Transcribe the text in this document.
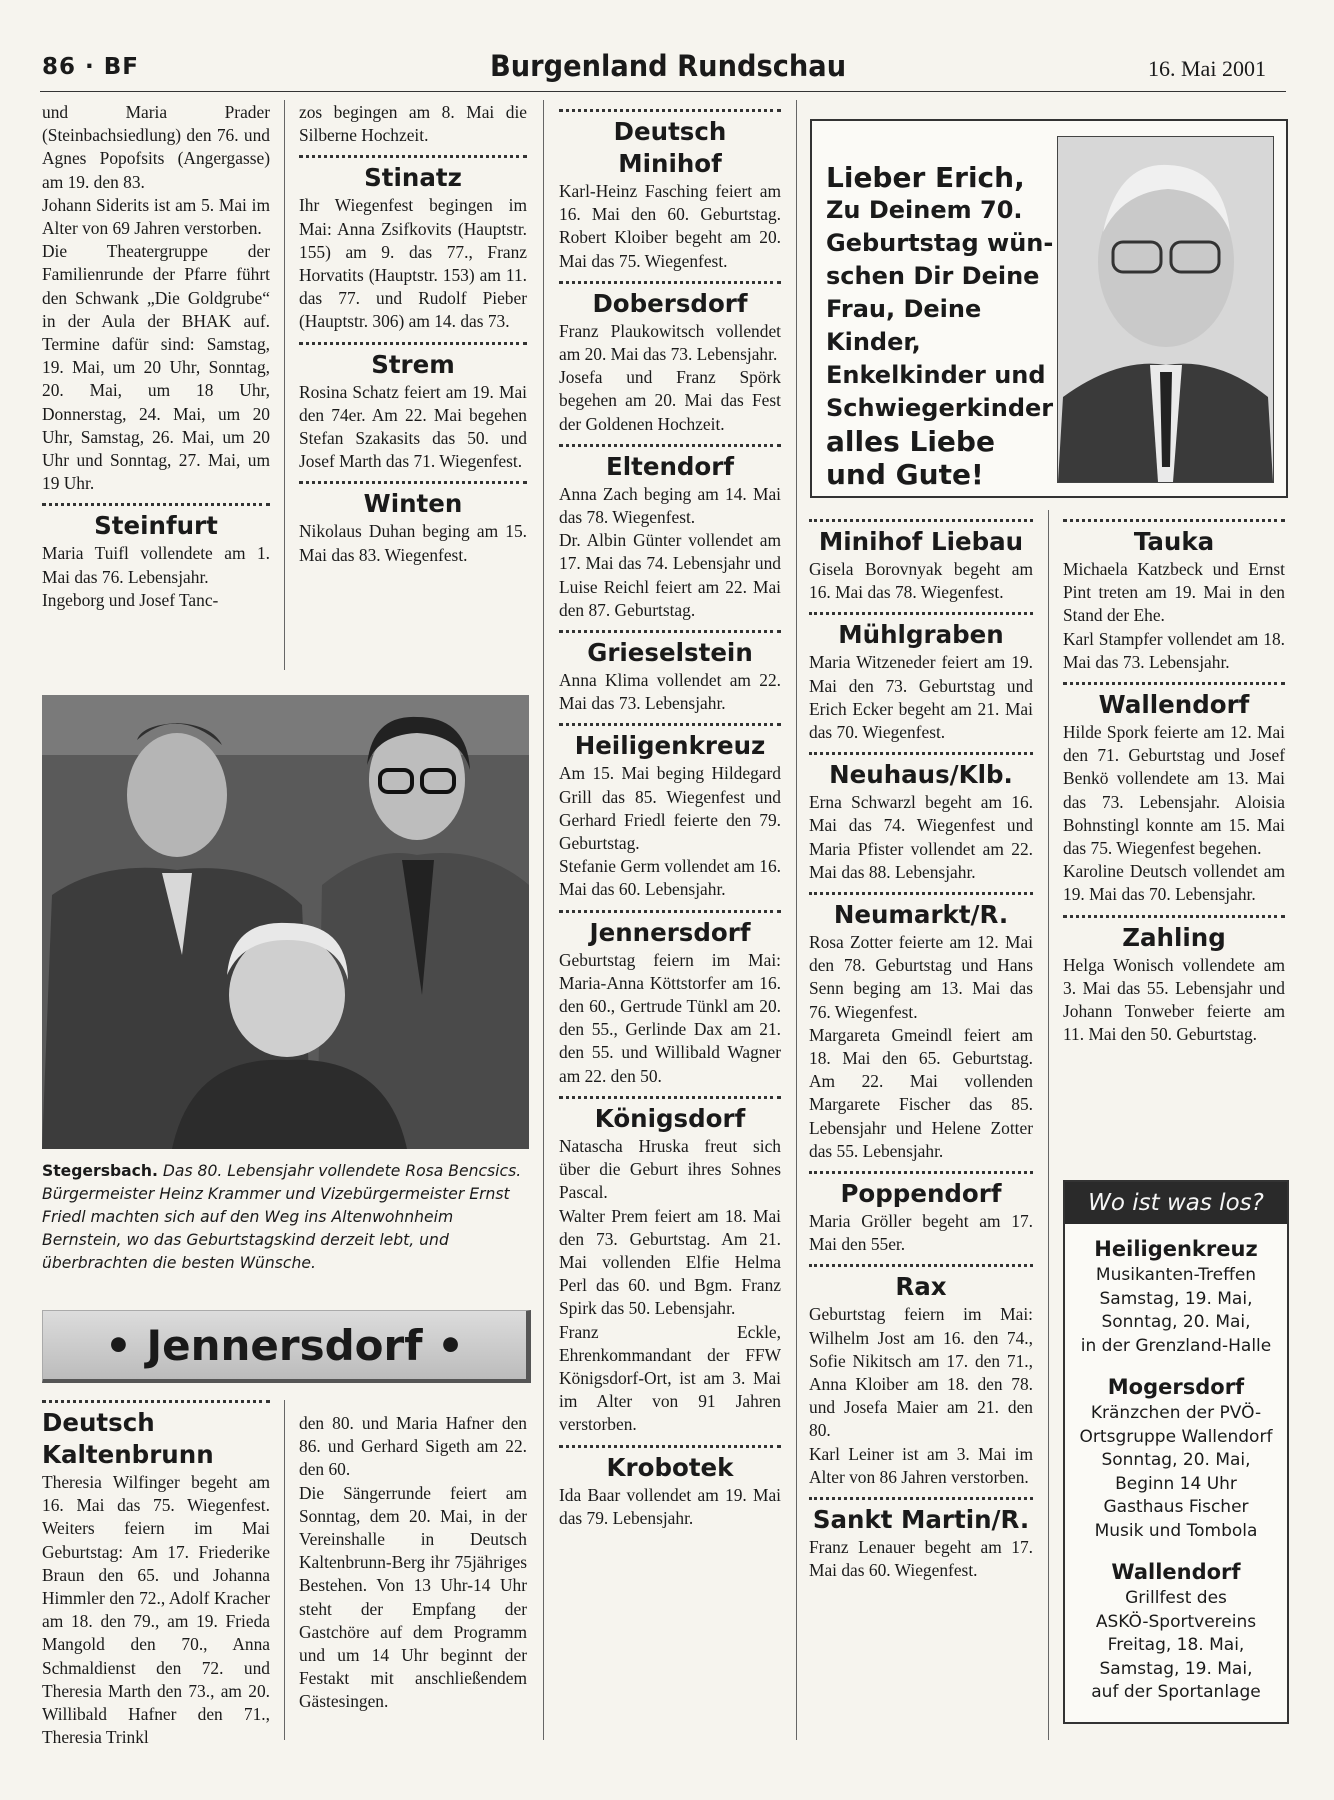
86 · BF	Burgenland Rundschau	16. Mai 2001

und Maria Prader (Steinbachsiedlung) den 76. und Agnes Popofsits (Angergasse) am 19. den 83.

Johann Siderits ist am 5. Mai im Alter von 69 Jahren verstorben.

Die Theatergruppe der Familienrunde der Pfarre führt den Schwank „Die Goldgrube“ in der Aula der BHAK auf. Termine dafür sind: Samstag, 19. Mai, um 20 Uhr, Sonntag, 20. Mai, um 18 Uhr, Donnerstag, 24. Mai, um 20 Uhr, Samstag, 26. Mai, um 20 Uhr und Sonntag, 27. Mai, um 19 Uhr.

Steinfurt

Maria Tuifl vollendete am 1. Mai das 76. Lebensjahr.

Ingeborg und Josef Tanc-

zos begingen am 8. Mai die Silberne Hochzeit.

Stinatz

Ihr Wiegenfest begingen im Mai: Anna Zsifkovits (Hauptstr. 155) am 9. das 77., Franz Horvatits (Hauptstr. 153) am 11. das 77. und Rudolf Pieber (Hauptstr. 306) am 14. das 73.

Strem

Rosina Schatz feiert am 19. Mai den 74er. Am 22. Mai begehen Stefan Szakasits das 50. und Josef Marth das 71. Wiegenfest.

Winten

Nikolaus Duhan beging am 15. Mai das 83. Wiegenfest.

Deutsch Minihof

Karl-Heinz Fasching feiert am 16. Mai den 60. Geburtstag. Robert Kloiber begeht am 20. Mai das 75. Wiegenfest.

Dobersdorf

Franz Plaukowitsch vollendet am 20. Mai das 73. Lebensjahr.

Josefa und Franz Spörk begehen am 20. Mai das Fest der Goldenen Hochzeit.

Eltendorf

Anna Zach beging am 14. Mai das 78. Wiegenfest.

Dr. Albin Günter vollendet am 17. Mai das 74. Lebensjahr und Luise Reichl feiert am 22. Mai den 87. Geburtstag.

Grieselstein

Anna Klima vollendet am 22. Mai das 73. Lebensjahr.

Heiligenkreuz

Am 15. Mai beging Hildegard Grill das 85. Wiegenfest und Gerhard Friedl feierte den 79. Geburtstag.

Stefanie Germ vollendet am 16. Mai das 60. Lebensjahr.

Jennersdorf

Geburtstag feiern im Mai: Maria-Anna Köttstorfer am 16. den 60., Gertrude Tünkl am 20. den 55., Gerlinde Dax am 21. den 55. und Willibald Wagner am 22. den 50.

Königsdorf

Natascha Hruska freut sich über die Geburt ihres Sohnes Pascal.

Walter Prem feiert am 18. Mai den 73. Geburtstag. Am 21. Mai vollenden Elfie Helma Perl das 60. und Bgm. Franz Spirk das 50. Lebensjahr.

Franz Eckle, Ehrenkommandant der FFW Königsdorf-Ort, ist am 3. Mai im Alter von 91 Jahren verstorben.

Krobotek

Ida Baar vollendet am 19. Mai das 79. Lebensjahr.

Minihof Liebau

Gisela Borovnyak begeht am 16. Mai das 78. Wiegenfest.

Mühlgraben

Maria Witzeneder feiert am 19. Mai den 73. Geburtstag und Erich Ecker begeht am 21. Mai das 70. Wiegenfest.

Neuhaus/Klb.

Erna Schwarzl begeht am 16. Mai das 74. Wiegenfest und Maria Pfister vollendet am 22. Mai das 88. Lebensjahr.

Neumarkt/R.

Rosa Zotter feierte am 12. Mai den 78. Geburtstag und Hans Senn beging am 13. Mai das 76. Wiegenfest.

Margareta Gmeindl feiert am 18. Mai den 65. Geburtstag. Am 22. Mai vollenden Margarete Fischer das 85. Lebensjahr und Helene Zotter das 55. Lebensjahr.

Poppendorf

Maria Gröller begeht am 17. Mai den 55er.

Rax

Geburtstag feiern im Mai: Wilhelm Jost am 16. den 74., Sofie Nikitsch am 17. den 71., Anna Kloiber am 18. den 78. und Josefa Maier am 21. den 80.

Karl Leiner ist am 3. Mai im Alter von 86 Jahren verstorben.

Sankt Martin/R.

Franz Lenauer begeht am 17. Mai das 60. Wiegenfest.

Tauka

Michaela Katzbeck und Ernst Pint treten am 19. Mai in den Stand der Ehe.

Karl Stampfer vollendet am 18. Mai das 73. Lebensjahr.

Wallendorf

Hilde Spork feierte am 12. Mai den 71. Geburtstag und Josef Benkö vollendete am 13. Mai das 73. Lebensjahr. Aloisia Bohnstingl konnte am 15. Mai das 75. Wiegenfest begehen.

Karoline Deutsch vollendet am 19. Mai das 70. Lebensjahr.

Zahling

Helga Wonisch vollendete am 3. Mai das 55. Lebensjahr und Johann Tonweber feierte am 11. Mai den 50. Geburtstag.

Deutsch Kaltenbrunn

Theresia Wilfinger begeht am 16. Mai das 75. Wiegenfest. Weiters feiern im Mai Geburtstag: Am 17. Friederike Braun den 65. und Johanna Himmler den 72., Adolf Kracher am 18. den 79., am 19. Frieda Mangold den 70., Anna Schmaldienst den 72. und Theresia Marth den 73., am 20. Willibald Hafner den 71., Theresia Trinkl

den 80. und Maria Hafner den 86. und Gerhard Sigeth am 22. den 60.

Die Sängerrunde feiert am Sonntag, dem 20. Mai, in der Vereinshalle in Deutsch Kaltenbrunn-Berg ihr 75jähriges Bestehen. Von 13 Uhr-14 Uhr steht der Empfang der Gastchöre auf dem Programm und um 14 Uhr beginnt der Festakt mit anschließendem Gästesingen.

Stegersbach. Das 80. Lebensjahr vollendete Rosa Bencsics. Bürgermeister Heinz Krammer und Vizebürgermeister Ernst Friedl machten sich auf den Weg ins Altenwohnheim Bernstein, wo das Geburtstagskind derzeit lebt, und überbrachten die besten Wünsche.
• Jennersdorf •
Lieber Erich,
Zu Deinem 70.
Geburtstag wün-
schen Dir Deine
Frau, Deine Kinder,
Enkelkinder und
Schwiegerkinder
alles Liebe
und Gute!
Wo ist was los?
Heiligenkreuz
Musikanten-Treffen
Samstag, 19. Mai,
Sonntag, 20. Mai,
in der Grenzland-Halle
Mogersdorf
Kränzchen der PVÖ-
Ortsgruppe Wallendorf
Sonntag, 20. Mai,
Beginn 14 Uhr
Gasthaus Fischer
Musik und Tombola
Wallendorf
Grillfest des
ASKÖ-Sportvereins
Freitag, 18. Mai,
Samstag, 19. Mai,
auf der Sportanlage
